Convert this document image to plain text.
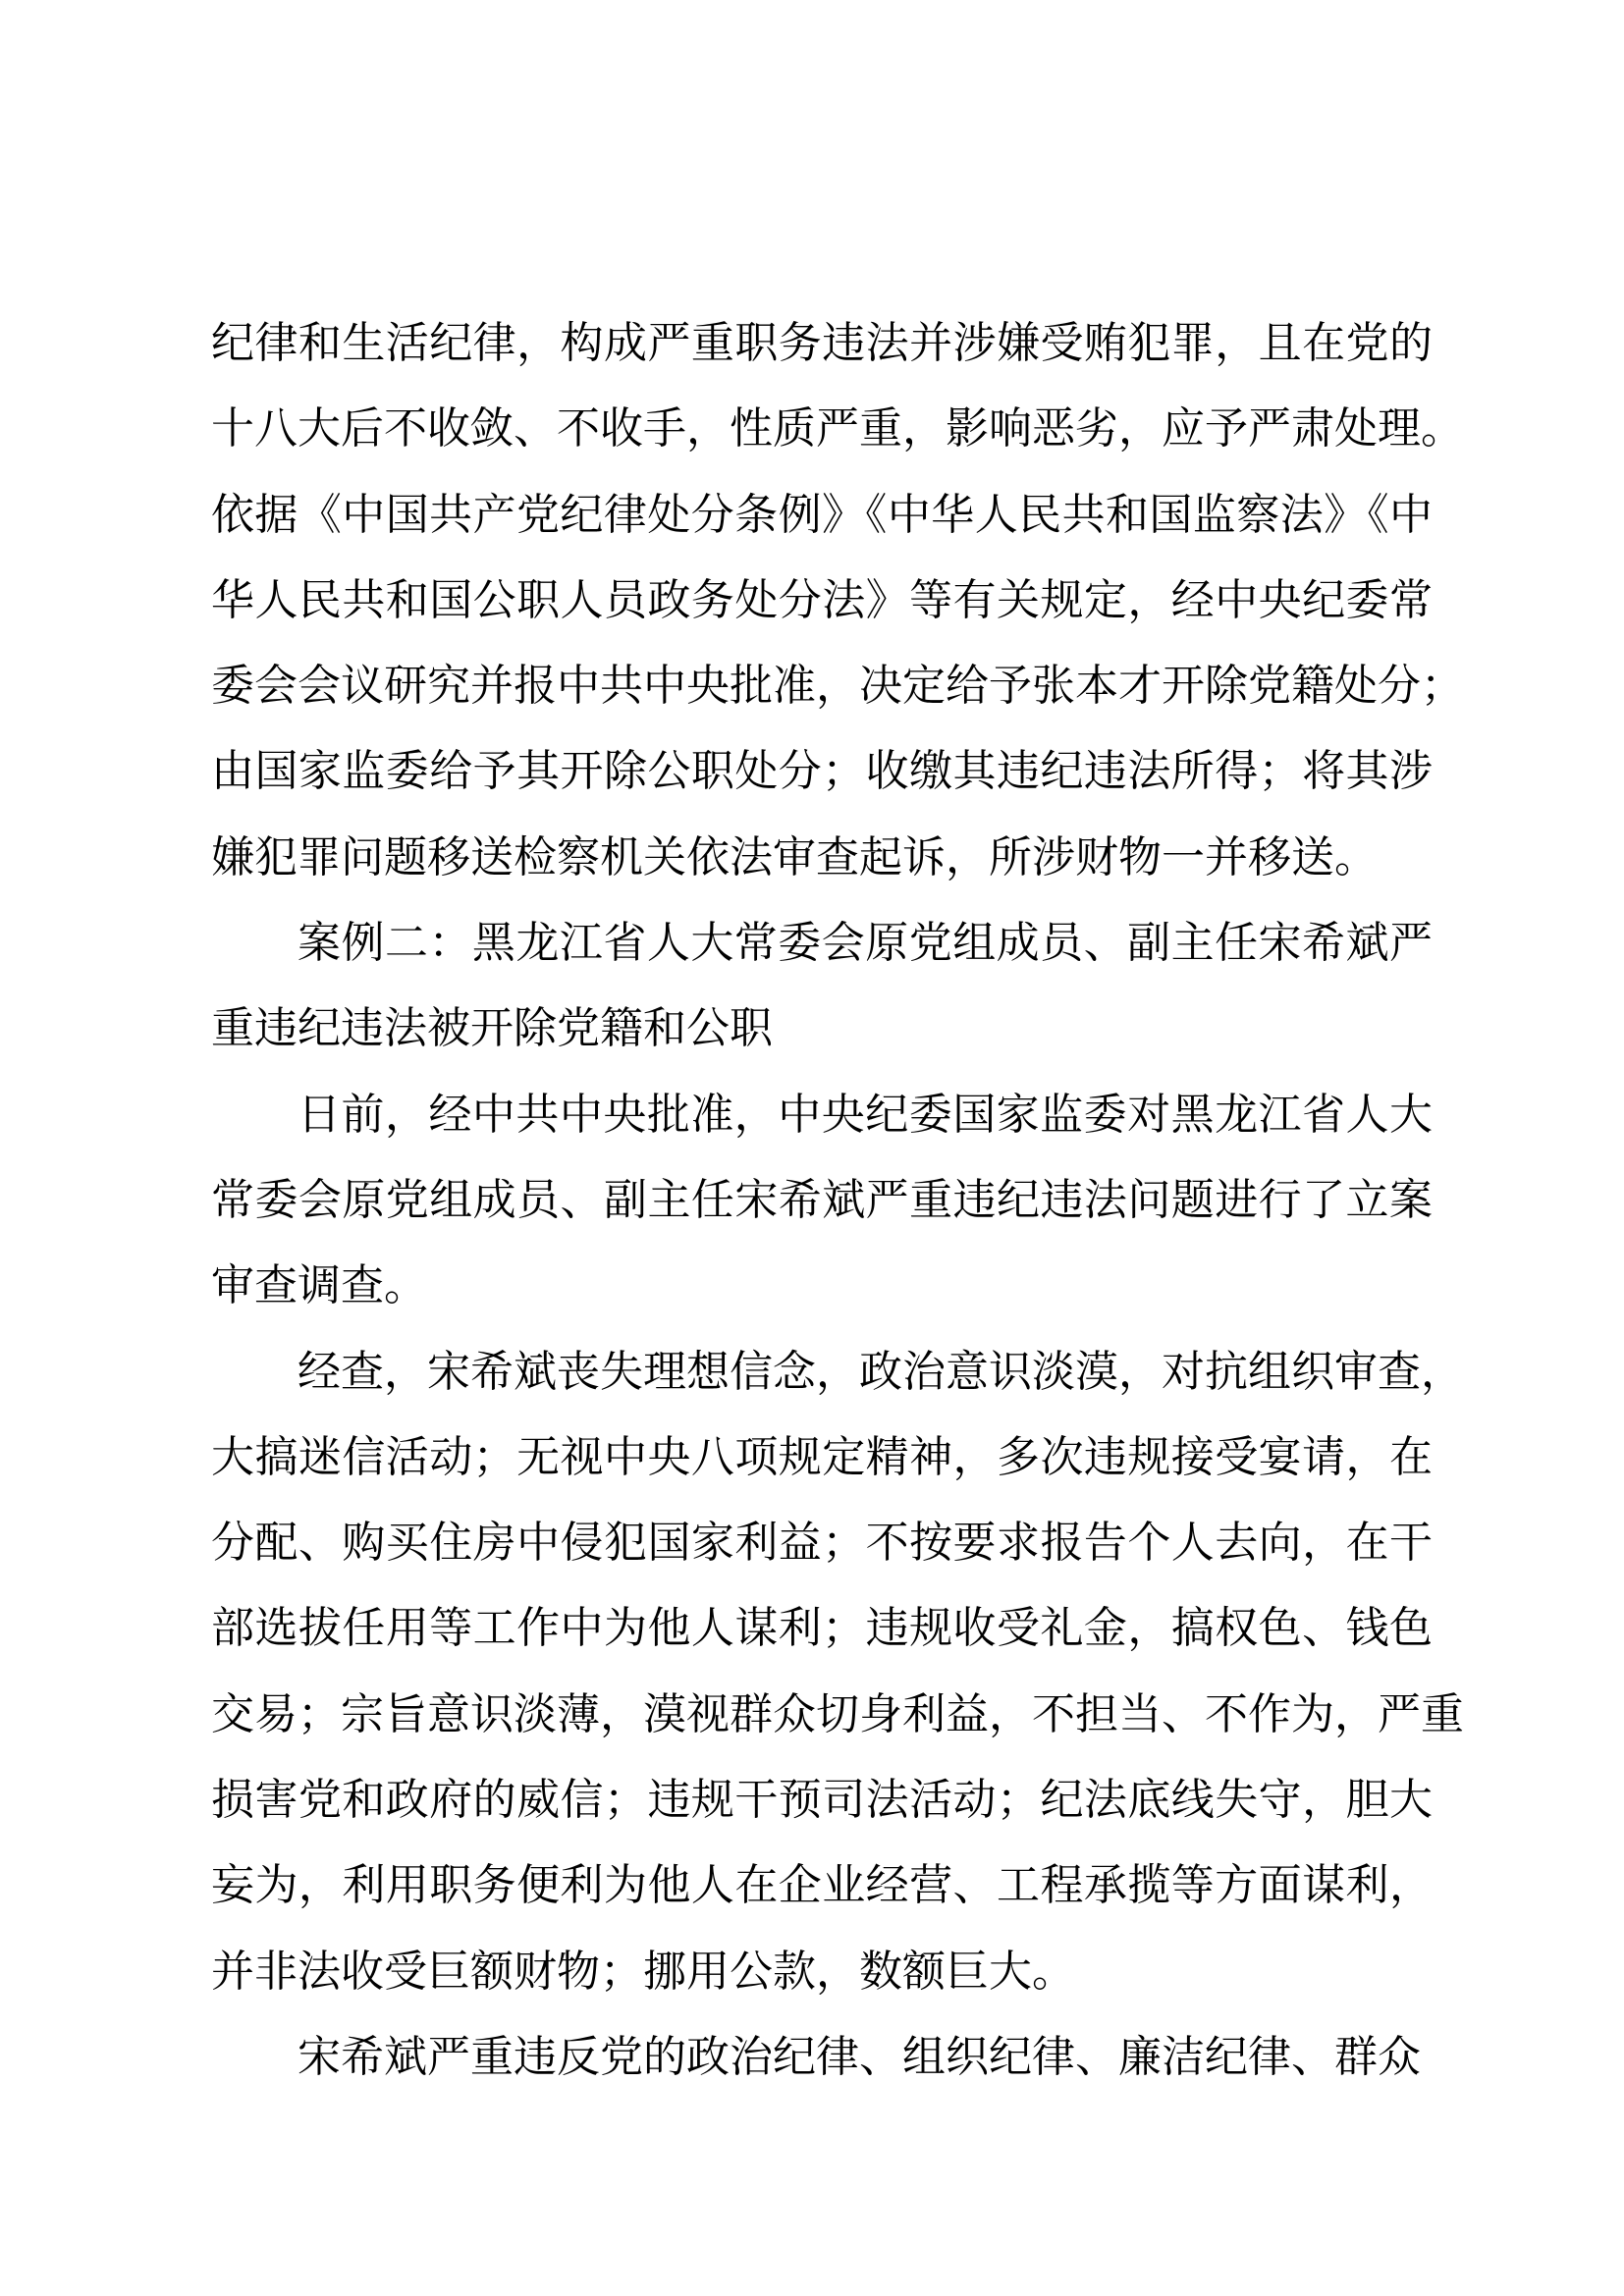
纪律和生活纪律，构成严重职务违法并涉嫌受贿犯罪，且在党的
十八大后不收敛、不收手，性质严重，影响恶劣，应予严肃处理。
依据《中国共产党纪律处分条例》《中华人民共和国监察法》《中
华人民共和国公职人员政务处分法》等有关规定，经中央纪委常
委会会议研究并报中共中央批准，决定给予张本才开除党籍处分；
由国家监委给予其开除公职处分；收缴其违纪违法所得；将其涉
嫌犯罪问题移送检察机关依法审查起诉，所涉财物一并移送。
案例二：黑龙江省人大常委会原党组成员、副主任宋希斌严
重违纪违法被开除党籍和公职
日前，经中共中央批准，中央纪委国家监委对黑龙江省人大
常委会原党组成员、副主任宋希斌严重违纪违法问题进行了立案
审查调查。
经查，宋希斌丧失理想信念，政治意识淡漠，对抗组织审查，
大搞迷信活动；无视中央八项规定精神，多次违规接受宴请，在
分配、购买住房中侵犯国家利益；不按要求报告个人去向，在干
部选拔任用等工作中为他人谋利；违规收受礼金，搞权色、钱色
交易；宗旨意识淡薄，漠视群众切身利益，不担当、不作为，严重
损害党和政府的威信；违规干预司法活动；纪法底线失守，胆大
妄为，利用职务便利为他人在企业经营、工程承揽等方面谋利，
并非法收受巨额财物；挪用公款，数额巨大。
宋希斌严重违反党的政治纪律、组织纪律、廉洁纪律、群众
